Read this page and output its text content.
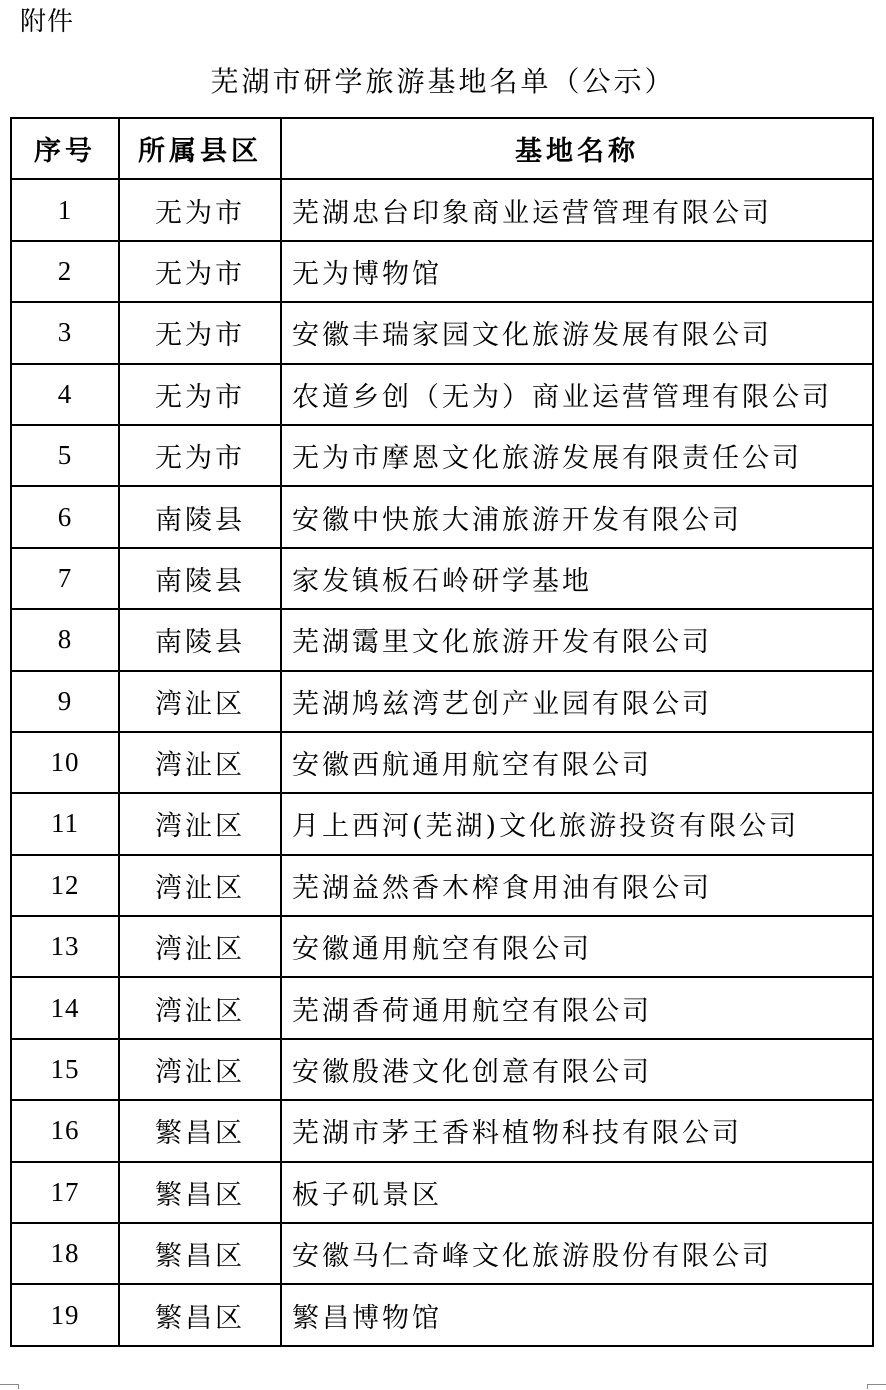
附件
芜湖市研学旅游基地名单（公示）
序号	所属县区	基地名称
1	无为市	芜湖忠台印象商业运营管理有限公司
2	无为市	无为博物馆
3	无为市	安徽丰瑞家园文化旅游发展有限公司
4	无为市	农道乡创（无为）商业运营管理有限公司
5	无为市	无为市摩恩文化旅游发展有限责任公司
6	南陵县	安徽中快旅大浦旅游开发有限公司
7	南陵县	家发镇板石岭研学基地
8	南陵县	芜湖霭里文化旅游开发有限公司
9	湾沚区	芜湖鸠兹湾艺创产业园有限公司
10	湾沚区	安徽西航通用航空有限公司
11	湾沚区	月上西河(芜湖)文化旅游投资有限公司
12	湾沚区	芜湖益然香木榨食用油有限公司
13	湾沚区	安徽通用航空有限公司
14	湾沚区	芜湖香荷通用航空有限公司
15	湾沚区	安徽殷港文化创意有限公司
16	繁昌区	芜湖市茅王香料植物科技有限公司
17	繁昌区	板子矶景区
18	繁昌区	安徽马仁奇峰文化旅游股份有限公司
19	繁昌区	繁昌博物馆
